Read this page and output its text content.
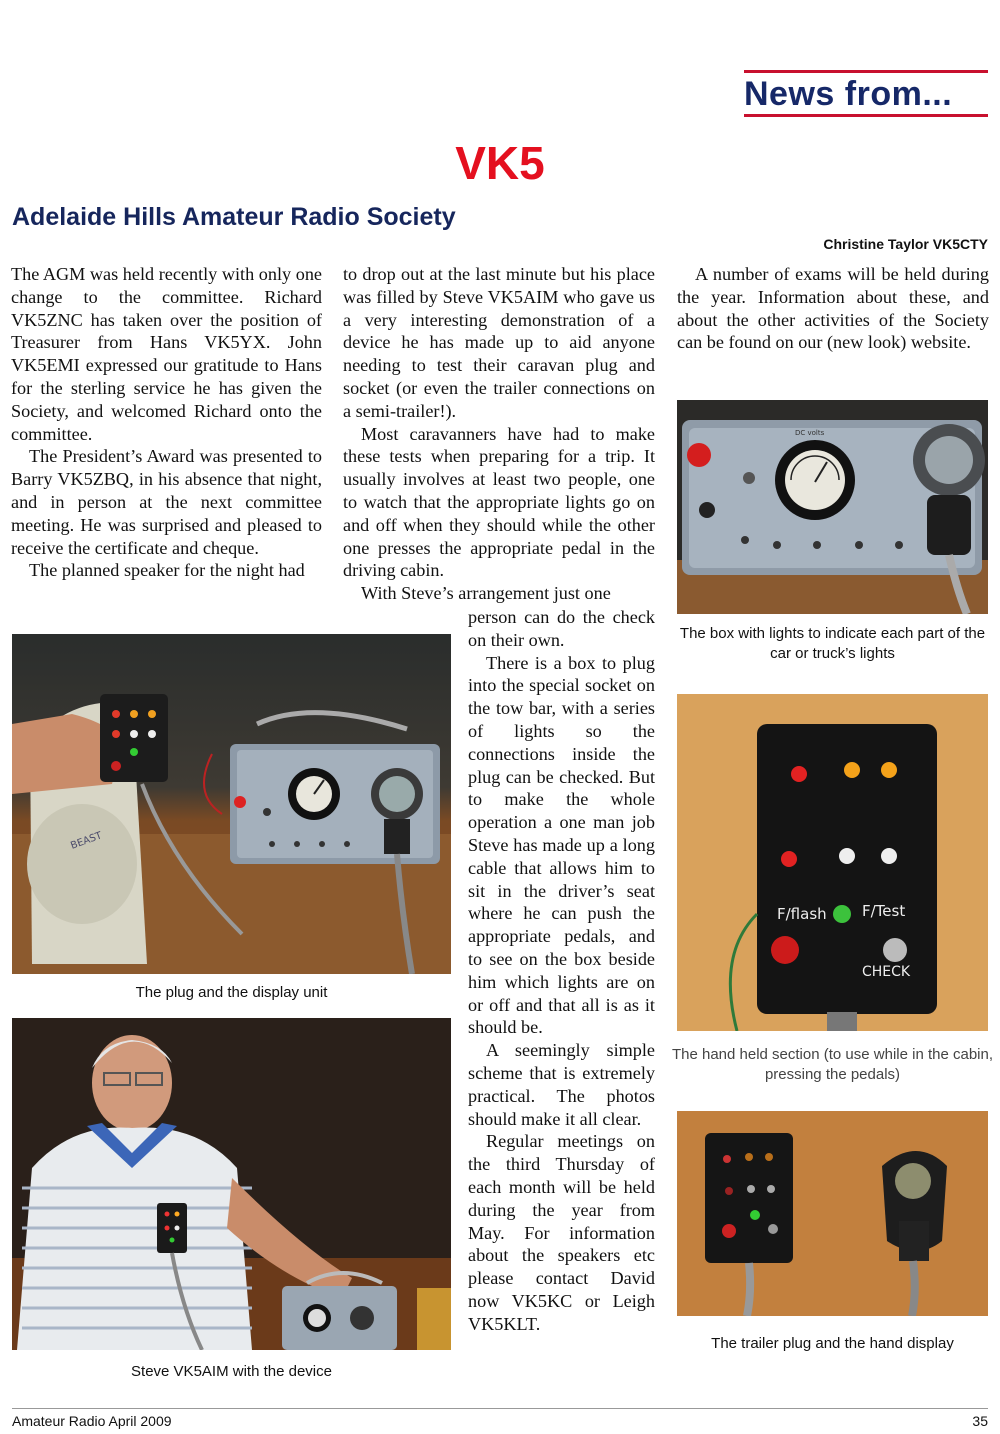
News from...
VK5
Adelaide Hills Amateur Radio Society
Christine Taylor VK5CTY

The AGM was held recently with only one change to the committee. Richard VK5ZNC has taken over the position of Treasurer from Hans VK5YX. John VK5EMI expressed our gratitude to Hans for the sterling service he has given the Society, and welcomed Richard onto the committee.

The President’s Award was presented to Barry VK5ZBQ, in his absence that night, and in person at the next committee meeting. He was surprised and pleased to receive the certificate and cheque.

The planned speaker for the night had

to drop out at the last minute but his place was filled by Steve VK5AIM who gave us a very interesting demonstration of a device he has made up to aid anyone needing to test their caravan plug and socket (or even the trailer connections on a semi-trailer!).

Most caravanners have had to make these tests when preparing for a trip. It usually involves at least two people, one to watch that the appropriate lights go on and off when they should while the other one presses the appropriate pedal in the driving cabin.

With Steve’s arrangement just one

person can do the check on their own.

There is a box to plug into the special socket on the tow bar, with a series of lights so the connections inside the plug can be checked. But to make the whole operation a one man job Steve has made up a long cable that allows him to sit in the driver’s seat where he can push the appropriate pedals, and to see on the box beside him which lights are on or off and that all is as it should be.

A seemingly simple scheme that is extremely practical. The photos should make it all clear.

Regular meetings on the third Thursday of each month will be held during the year from May. For information about the speakers etc please contact David now VK5KC or Leigh VK5KLT.

A number of exams will be held during the year. Information about these, and about the other activities of the Society can be found on our (new look) website.

BEAST
The plug and the display unit
Steve VK5AIM with the device
DC volts
The box with lights to indicate each part of the car or truck’s lights
F/flash F/Test
CHECK
The hand held section (to use while in the cabin, pressing the pedals)
The trailer plug and the hand display
Amateur Radio April 2009	35
